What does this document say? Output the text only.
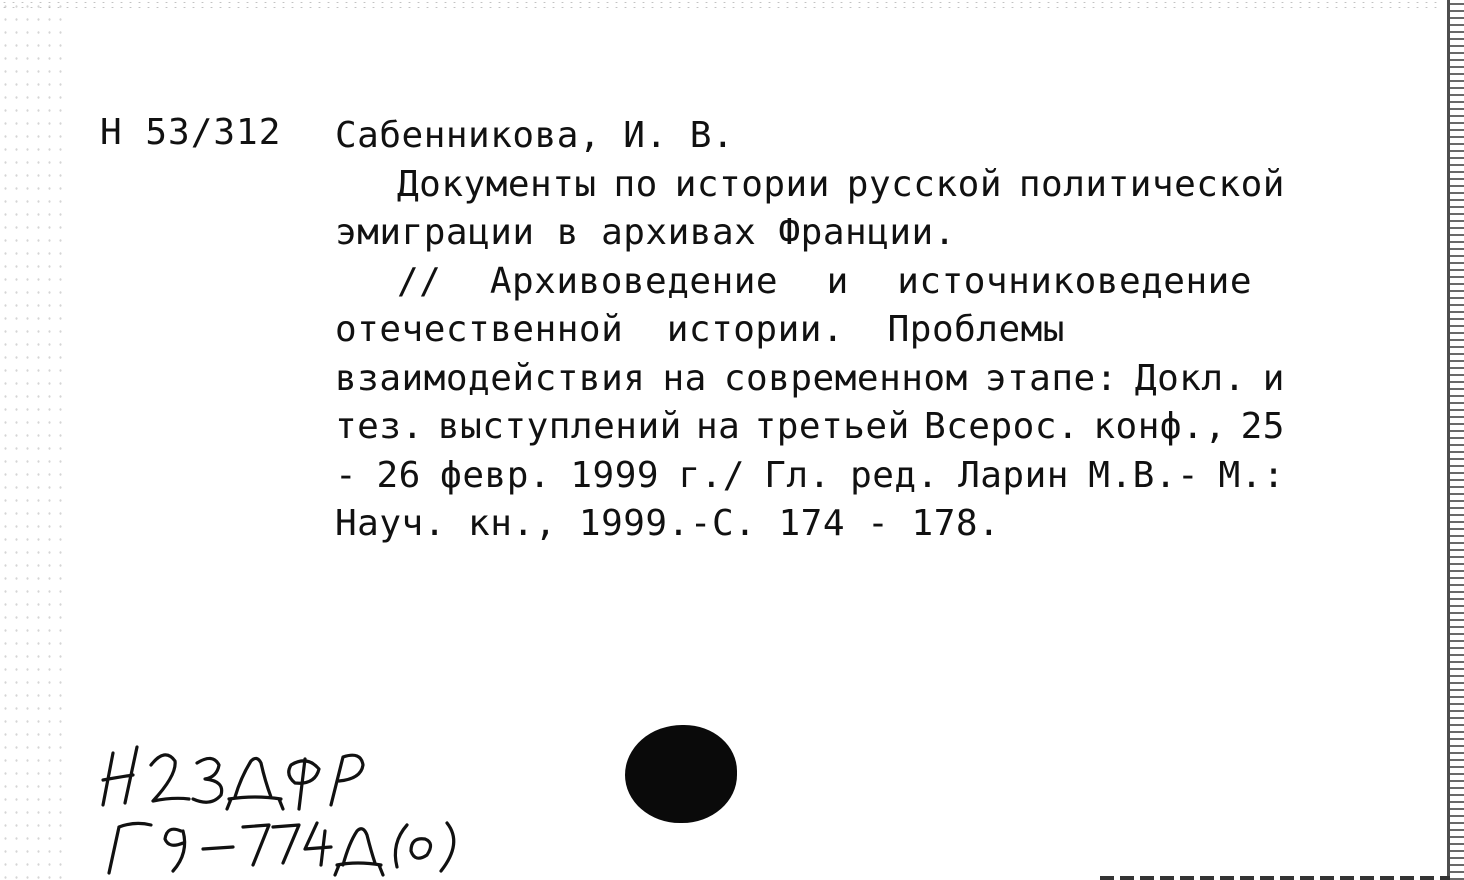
Н 53/312 Сабенникова, И. В.
Документы по истории русской политической
эмиграции в архивах Франции.
// Архивоведение и источниковедение
отечественной истории. Проблемы
взаимодействия на современном этапе: Докл. и
тез. выступлений на третьей Всерос. конф., 25
- 26 февр. 1999 г./ Гл. ред. Ларин М.В.- М.:
Науч. кн., 1999.-С. 174 - 178.
